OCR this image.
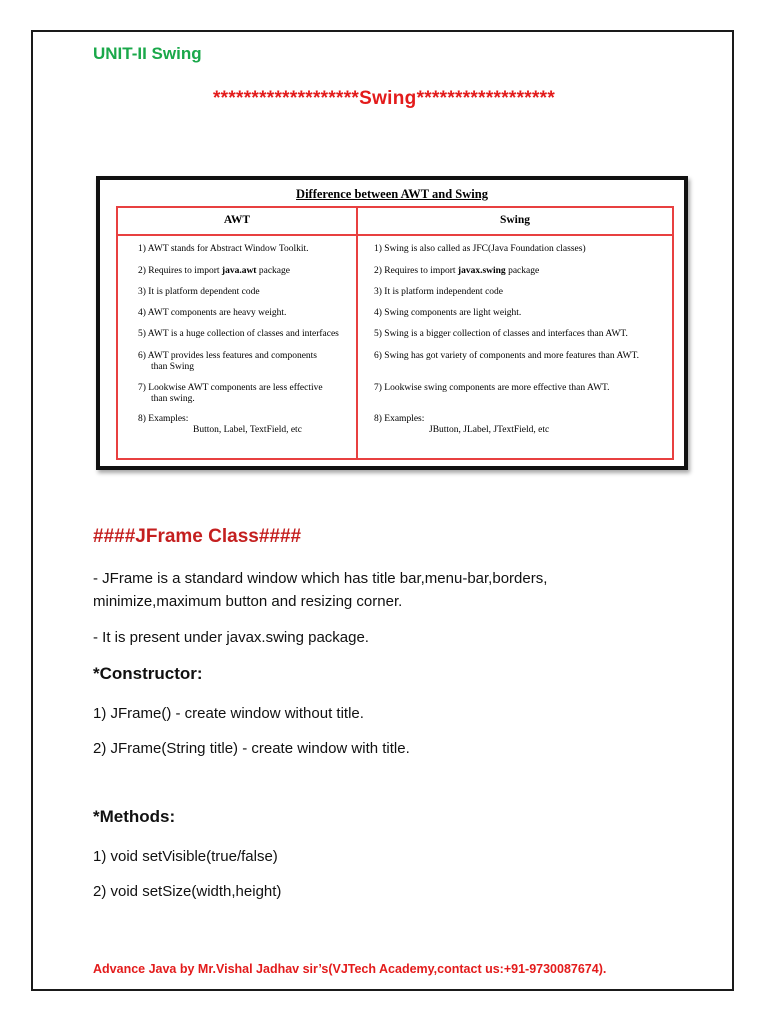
UNIT-II Swing
*******************Swing******************
Difference between AWT and Swing
AWT	Swing
1) AWT stands for Abstract Window Toolkit.
2) Requires to import java.awt package
3) It is platform dependent code
4) AWT components are heavy weight.
5) AWT is a huge collection of classes and interfaces
6) AWT provides less features and components
than Swing
7) Lookwise AWT components are less effective
than swing.
8) Examples:
Button, Label, TextField, etc
1) Swing is also called as JFC(Java Foundation classes)
2) Requires to import javax.swing package
3) It is platform independent code
4) Swing components are light weight.
5) Swing is a bigger collection of classes and interfaces than AWT.
6) Swing has got variety of components and more features than AWT.
7) Lookwise swing components are more effective than AWT.
8) Examples:
JButton, JLabel, JTextField, etc
####JFrame Class####
- JFrame is a standard window which has title bar,menu-bar,borders, minimize,maximum button and resizing corner.
- It is present under javax.swing package.
*Constructor:
1) JFrame() - create window without title.
2) JFrame(String title) - create window with title.
*Methods:
1) void setVisible(true/false)
2) void setSize(width,height)
Advance Java by Mr.Vishal Jadhav sir’s(VJTech Academy,contact us:+91-9730087674).
